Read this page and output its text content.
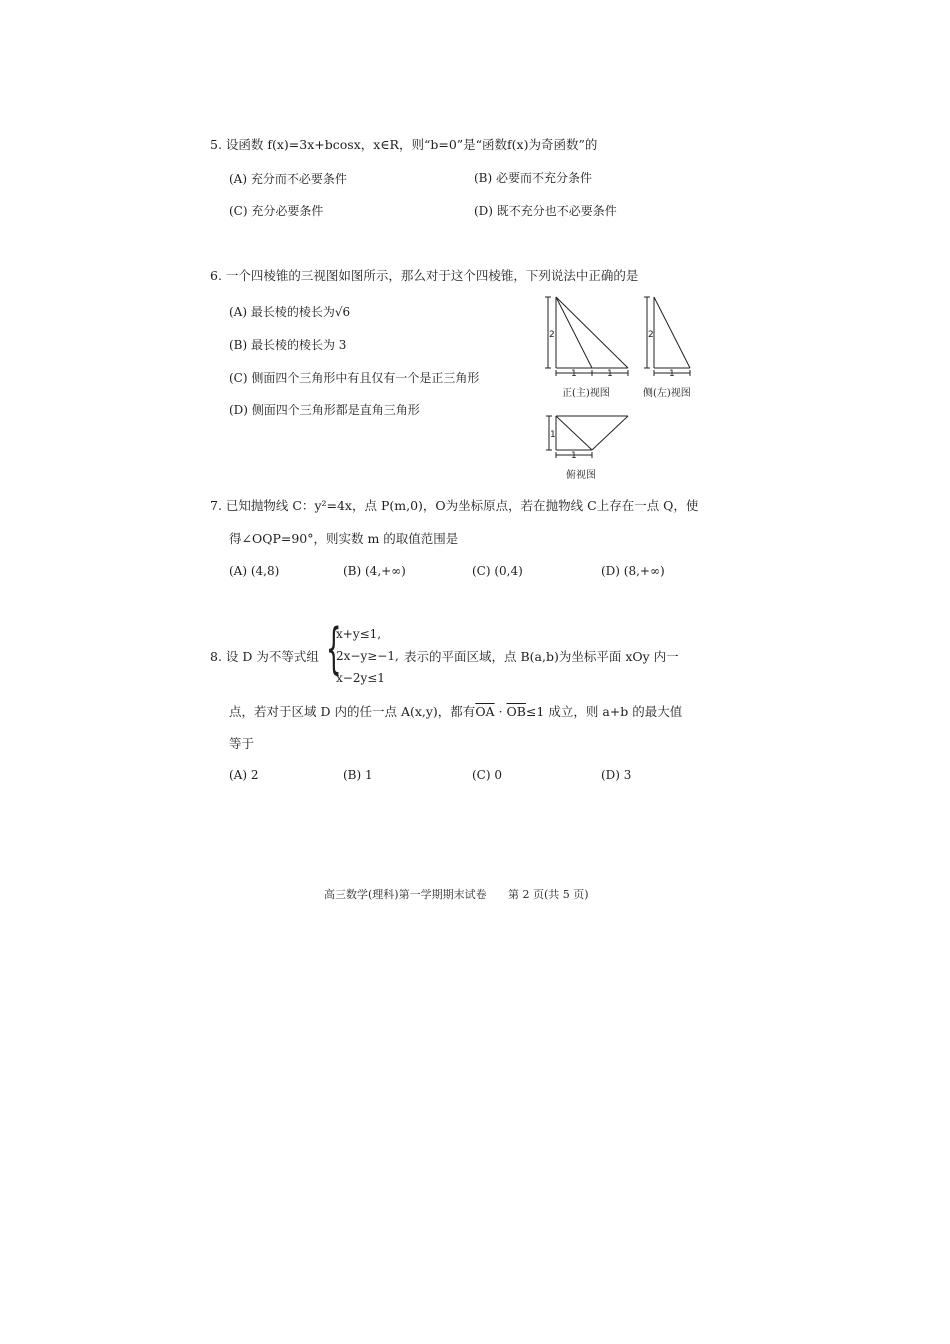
5. 设函数 f(x)=3x+bcosx，x∈R，则“b=0”是“函数f(x)为奇函数”的
(A) 充分而不必要条件	(B) 必要而不充分条件
(C) 充分必要条件	(D) 既不充分也不必要条件
6. 一个四棱锥的三视图如图所示，那么对于这个四棱锥，下列说法中正确的是
(A) 最长棱的棱长为√6
(B) 最长棱的棱长为 3
(C) 侧面四个三角形中有且仅有一个是正三角形
(D) 侧面四个三角形都是直角三角形
2
1	1
2
1
1
1
正(主)视图	侧(左)视图
俯视图
7. 已知抛物线 C：y²=4x，点 P(m,0)，O为坐标原点，若在抛物线 C上存在一点 Q，使
得∠OQP=90°，则实数 m 的取值范围是
(A) (4,8)	(B) (4,+∞)	(C) (0,4)	(D) (8,+∞)
8. 设 D 为不等式组 {
x+y≤1,
2x−y≥−1,
x−2y≤1
表示的平面区域，点 B(a,b)为坐标平面 xOy 内一
点，若对于区域 D 内的任一点 A(x,y)，都有$\overline{OA} \cdot \overline{OB}\le 1$ 成立，则 a+b 的最大值
等于
(A) 2	(B) 1	(C) 0	(D) 3
高三数学(理科)第一学期期末试卷 第 2 页(共 5 页)
